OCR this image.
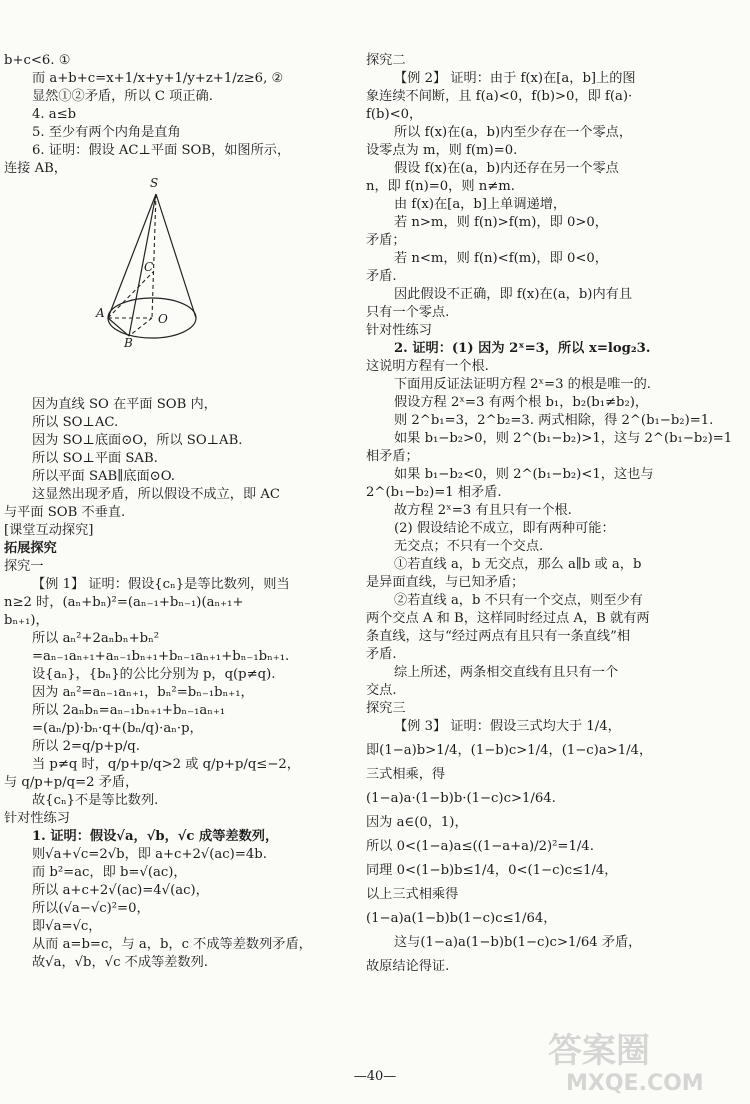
b+c<6. ①

而 a+b+c=x+1/x+y+1/y+z+1/z≥6, ②

显然①②矛盾，所以 C 项正确.

4. a≤b

5. 至少有两个内角是直角

6. 证明：假设 AC⊥平面 SOB，如图所示，

连接 AB，

S
C
A	O
B

因为直线 SO 在平面 SOB 内，

所以 SO⊥AC.

因为 SO⊥底面⊙O，所以 SO⊥AB.

所以 SO⊥平面 SAB.

所以平面 SAB∥底面⊙O.

这显然出现矛盾，所以假设不成立，即 AC

与平面 SOB 不垂直.

[课堂互动探究]

拓展探究

探究一

【例 1】 证明：假设{cₙ}是等比数列，则当

n≥2 时，(aₙ+bₙ)²=(aₙ₋₁+bₙ₋₁)(aₙ₊₁+

bₙ₊₁)，

所以 aₙ²+2aₙbₙ+bₙ²

=aₙ₋₁aₙ₊₁+aₙ₋₁bₙ₊₁+bₙ₋₁aₙ₊₁+bₙ₋₁bₙ₊₁.

设{aₙ}，{bₙ}的公比分别为 p，q(p≠q).

因为 aₙ²=aₙ₋₁aₙ₊₁，bₙ²=bₙ₋₁bₙ₊₁，

所以 2aₙbₙ=aₙ₋₁bₙ₊₁+bₙ₋₁aₙ₊₁

=(aₙ/p)·bₙ·q+(bₙ/q)·aₙ·p，

所以 2=q/p+p/q.

当 p≠q 时，q/p+p/q>2 或 q/p+p/q≤−2，

与 q/p+p/q=2 矛盾，

故{cₙ}不是等比数列.

针对性练习

1. 证明：假设√a，√b，√c 成等差数列，

则√a+√c=2√b，即 a+c+2√(ac)=4b.

而 b²=ac，即 b=√(ac)，

所以 a+c+2√(ac)=4√(ac)，

所以(√a−√c)²=0，

即√a=√c，

从而 a=b=c，与 a，b，c 不成等差数列矛盾，

故√a，√b，√c 不成等差数列.

探究二

【例 2】 证明：由于 f(x)在[a，b]上的图

象连续不间断，且 f(a)<0，f(b)>0，即 f(a)·

f(b)<0，

所以 f(x)在(a，b)内至少存在一个零点，

设零点为 m，则 f(m)=0.

假设 f(x)在(a，b)内还存在另一个零点

n，即 f(n)=0，则 n≠m.

由 f(x)在[a，b]上单调递增，

若 n>m，则 f(n)>f(m)，即 0>0，

矛盾；

若 n<m，则 f(n)<f(m)，即 0<0，

矛盾.

因此假设不正确，即 f(x)在(a，b)内有且

只有一个零点.

针对性练习

2. 证明：(1) 因为 2ˣ=3，所以 x=log₂3.

这说明方程有一个根.

下面用反证法证明方程 2ˣ=3 的根是唯一的.

假设方程 2ˣ=3 有两个根 b₁，b₂(b₁≠b₂)，

则 2^b₁=3，2^b₂=3. 两式相除，得 2^(b₁−b₂)=1.

如果 b₁−b₂>0，则 2^(b₁−b₂)>1，这与 2^(b₁−b₂)=1

相矛盾；

如果 b₁−b₂<0，则 2^(b₁−b₂)<1，这也与

2^(b₁−b₂)=1 相矛盾.

故方程 2ˣ=3 有且只有一个根.

(2) 假设结论不成立，即有两种可能：

无交点；不只有一个交点.

①若直线 a，b 无交点，那么 a∥b 或 a，b

是异面直线，与已知矛盾；

②若直线 a，b 不只有一个交点，则至少有

两个交点 A 和 B，这样同时经过点 A，B 就有两

条直线，这与“经过两点有且只有一条直线”相

矛盾.

综上所述，两条相交直线有且只有一个

交点.

探究三

【例 3】 证明：假设三式均大于 1/4，

即(1−a)b>1/4，(1−b)c>1/4，(1−c)a>1/4，

三式相乘，得

(1−a)a·(1−b)b·(1−c)c>1/64.

因为 a∈(0，1)，

所以 0<(1−a)a≤((1−a+a)/2)²=1/4.

同理 0<(1−b)b≤1/4，0<(1−c)c≤1/4，

以上三式相乘得

(1−a)a(1−b)b(1−c)c≤1/64，

这与(1−a)a(1−b)b(1−c)c>1/64 矛盾，

故原结论得证.

—40—
答案圈
MXQE.COM
